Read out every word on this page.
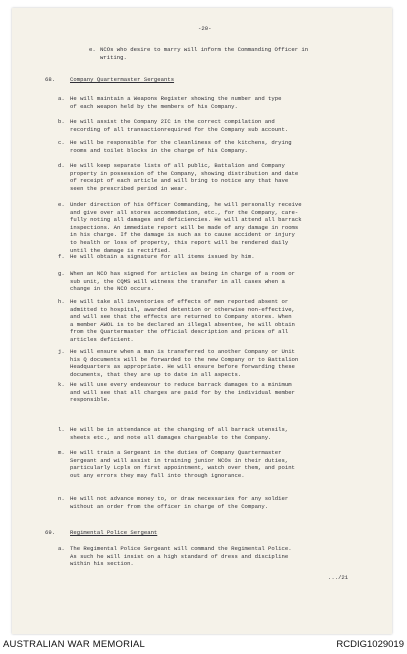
-20-
e. NCOs who desire to marry will inform the Commanding Officer in
writing.
68.	Company Quartermaster Sergeants
a. He will maintain a Weapons Register showing the number and type
of each weapon held by the members of his Company.
b. He will assist the Company 2IC in the correct compilation and
recording of all transactionrequired for the Company sub account.
c. He will be responsible for the cleanliness of the kitchens, drying
rooms and toilet blocks in the charge of his Company.
d. He will keep separate lists of all public, Battalion and Company
property in possession of the Company, showing distribution and date
of receipt of each article and will bring to notice any that have
seen the prescribed period in wear.
e. Under direction of his Officer Commanding, he will personally receive
and give over all stores accommodation, etc., for the Company, care-
fully noting all damages and deficiencies. He will attend all barrack
inspections. An immediate report will be made of any damage in rooms
in his charge. If the damage is such as to cause accident or injury
to health or loss of property, this report will be rendered daily
until the damage is rectified.
f. He will obtain a signature for all items issued by him.
g. When an NCO has signed for articles as being in charge of a room or
sub unit, the CQMS will witness the transfer in all cases when a
change in the NCO occurs.
h. He will take all inventories of effects of men reported absent or
admitted to hospital, awarded detention or otherwise non-effective,
and will see that the effects are returned to Company stores. When
a member AWOL is to be declared an illegal absentee, he will obtain
from the Quartermaster the official description and prices of all
articles deficient.
j. He will ensure when a man is transferred to another Company or Unit
his Q documents will be forwarded to the new Company or to Battalion
Headquarters as appropriate. He will ensure before forwarding these
documents, that they are up to date in all aspects.
k. He will use every endeavour to reduce barrack damages to a minimum
and will see that all charges are paid for by the individual member
responsible.
l. He will be in attendance at the changing of all barrack utensils,
sheets etc., and note all damages chargeable to the Company.
m. He will train a Sergeant in the duties of Company Quartermaster
Sergeant and will assist in training junior NCOs in their duties,
particularly Lcpls on first appointment, watch over them, and point
out any errors they may fall into through ignorance.
n. He will not advance money to, or draw necessaries for any soldier
without an order from the officer in charge of the Company.
69.	Regimental Police Sergeant
a. The Regimental Police Sergeant will command the Regimental Police.
As such he will insist on a high standard of dress and discipline
within his section.
.../21
AUSTRALIAN WAR MEMORIAL	RCDIG1029019
